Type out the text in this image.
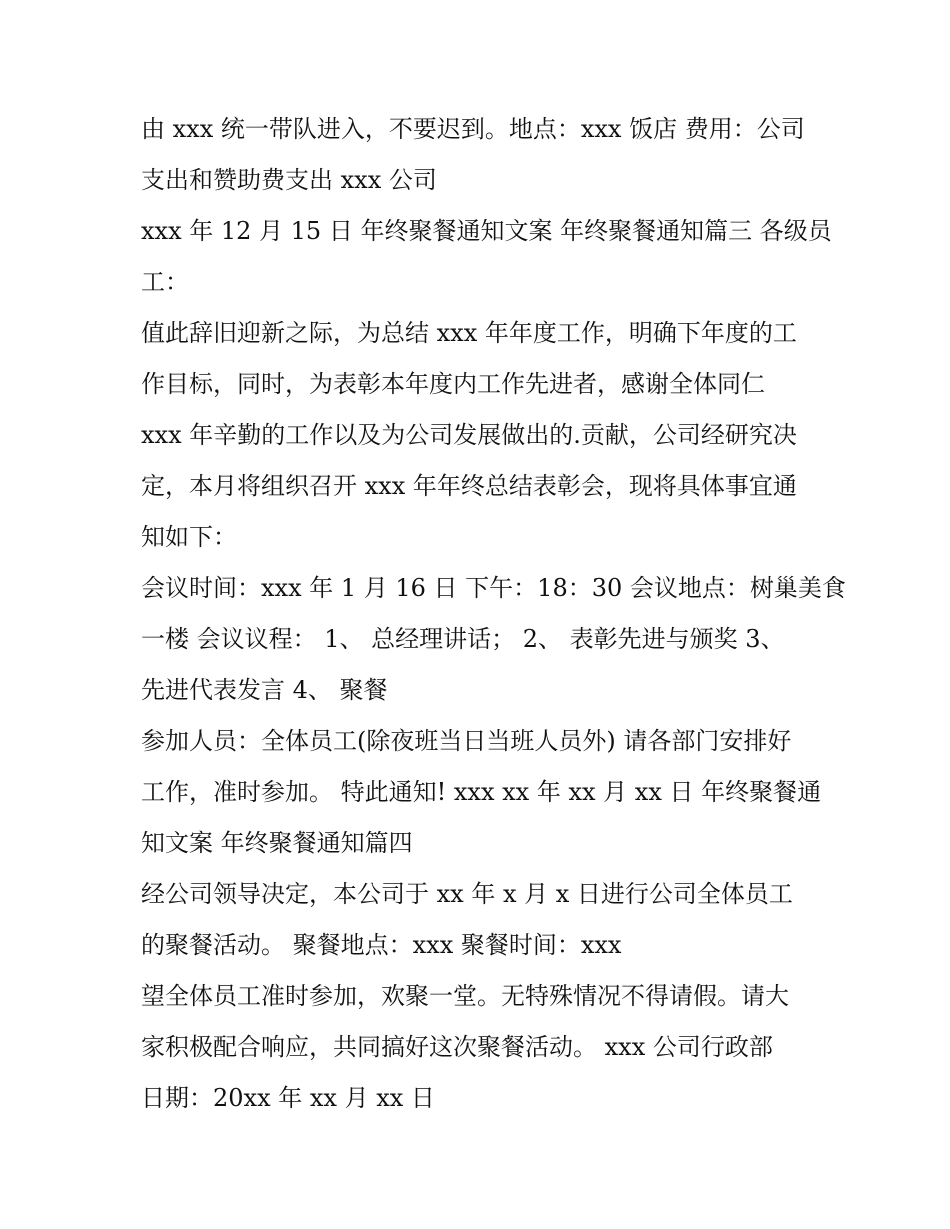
由 xxx 统一带队进入，不要迟到。地点：xxx 饭店 费用：公司
支出和赞助费支出 xxx 公司
xxx 年 12 月 15 日 年终聚餐通知文案 年终聚餐通知篇三 各级员
工：
值此辞旧迎新之际，为总结 xxx 年年度工作，明确下年度的工
作目标，同时，为表彰本年度内工作先进者，感谢全体同仁
xxx 年辛勤的工作以及为公司发展做出的.贡献，公司经研究决
定，本月将组织召开 xxx 年年终总结表彰会，现将具体事宜通
知如下：
会议时间：xxx 年 1 月 16 日 下午：18：30 会议地点：树巢美食
一楼 会议议程： 1、 总经理讲话； 2、 表彰先进与颁奖 3、
先进代表发言 4、 聚餐
参加人员：全体员工(除夜班当日当班人员外) 请各部门安排好
工作，准时参加。 特此通知! xxx xx 年 xx 月 xx 日 年终聚餐通
知文案 年终聚餐通知篇四
经公司领导决定，本公司于 xx 年 x 月 x 日进行公司全体员工
的聚餐活动。 聚餐地点：xxx 聚餐时间：xxx
望全体员工准时参加，欢聚一堂。无特殊情况不得请假。请大
家积极配合响应，共同搞好这次聚餐活动。 xxx 公司行政部
日期：20xx 年 xx 月 xx 日
